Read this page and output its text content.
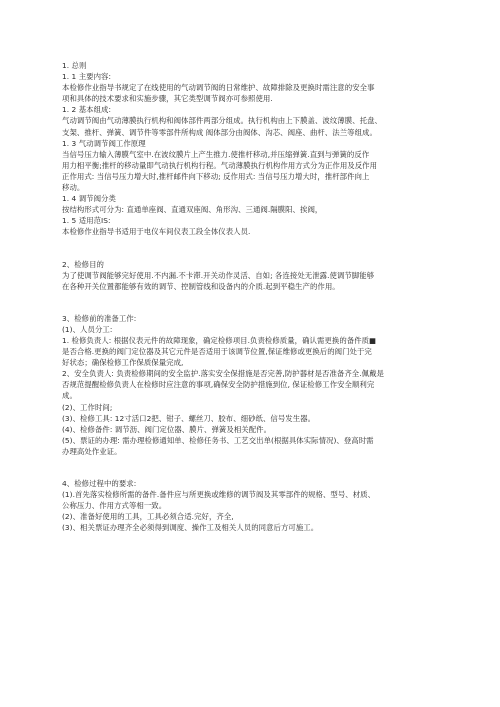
1. 总则
1. 1 主要内容:
本检修作业指导书规定了在线使用的气动调节阀的日常维护、故障排除及更换时需注意的安全事
项和具体的技术要求和实施步骤，其它类型调节阀亦可参照使用.
1. 2 基本组成:
气动调节阀由气动薄膜执行机构和阀体部件两部分组成。执行机构由上下膜盖、波纹薄膜、托盘、
支架、推杆、弹簧、调节件等零部件所构成 阀体部分由阀体、沟芯、阀座、曲杆、法兰等组成。
1. 3 气动调节阀工作原理
当信号压力输入薄膜气室中.在波纹膜片上产生推力.使推杆移动,并压缩弹簧.直到与弹簧的反作
用力相平衡;推杆的移动量即气动执行机构行程。气动薄膜执行机构作用方式分为正作用及反作用
正作用式: 当信号压力增大时,推杆邮件向下移动; 反作用式: 当信号压力增大时，推杆部件向上
移动。
1. 4 调节阀分类
按结构形式可分为: 直通单座阀、直通双座阀、角形沟、三通阀.隔膜阳、挨阀，
1. 5 适用范IS:
本检修作业指导书适用于电仪车间仪表工段全体仪表人员.
2、检修目的
为了使调节阀能够完好使用.不内漏.不卡滞.开关动作灵活、自如; 各连接处无泄露.使调节脚能够
在各种开关位置都能够有效的调节、控制管线和设备内的介质.起到平稳生产的作用。
3、检修前的准备工作:
(1)、人员分工:
1. 检修负责人: 根据仪表元件的故障现象，确定检修项目.负责检修质量，确认需更换的备件质■
是否合格.更换的阀门定位器及其它元件是否适用于该调节位置,保证维修或更换后的阀门处于完
好状态；确保检修工作保质保量完成,
2、安全负责人: 负责检修期间的安全监护.落实安全保措施是否完善,防护器材是否准备齐全.佩戴是
否规范提醒检修负责人在检修时应注意的事项,确保安全防护措施到位, 保证检修工作安全顺利完
成。
(2)、工作时间;
(3)、检修工具: 12寸活口2把、钳子、螺丝刀、胶布、细砂纸、信号发生器。
(4)、检修备件: 调节沥、阀门定位器、膜片、弹簧及相关配件。
(5)、票证的办理: 需办理检修通知单、检修任务书、工艺交出单(根据具体实际情况)、登高时需
办理高处作业证。
4、检修过程中的要求:
(1).首先落实检修所需的备件.备件应与所更换或维修的调节阀及其零部件的规格、型号、材质、
公称压力、作用方式等相一致。
(2)、准备好使用的工具，工具必须合适.完好，齐全,
(3)、相关票证办理齐全必须得到调度、操作工及相关人员的同意后方可施工。
